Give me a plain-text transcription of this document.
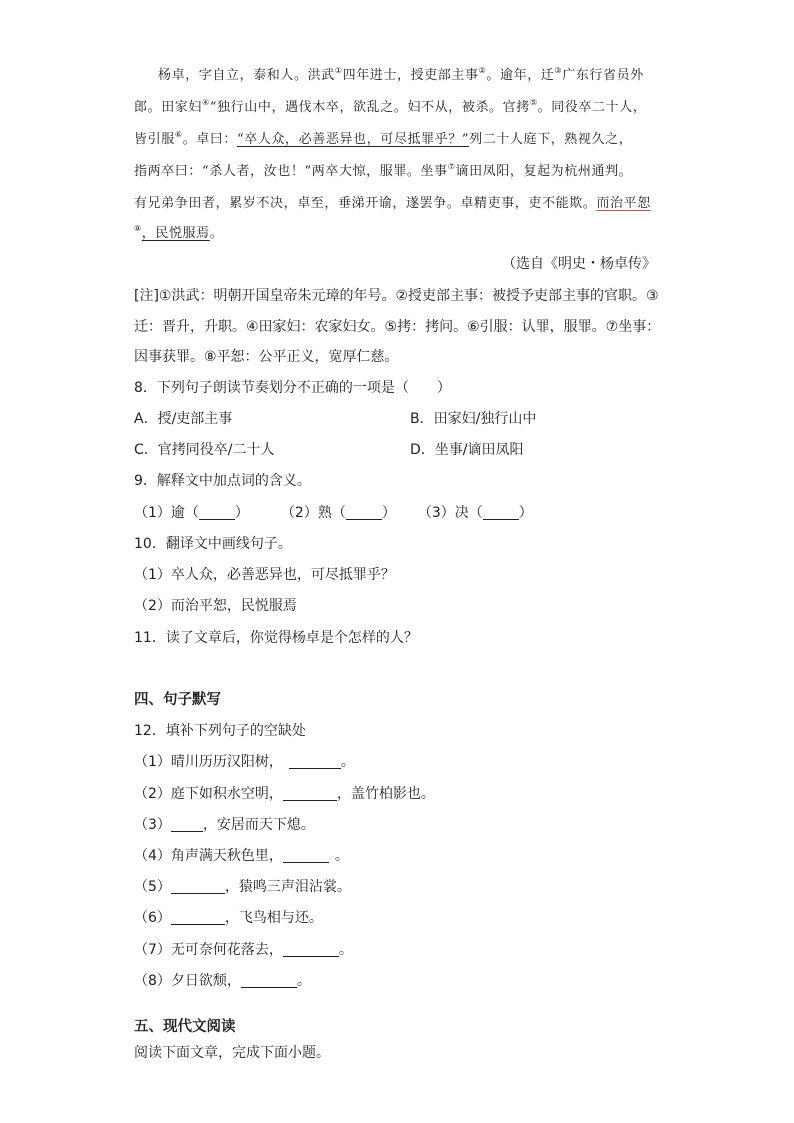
杨卓，字自立，泰和人。洪武①四年进士，授吏部主事②。逾年，迁③广东行省员外
郎。田家妇④“独行山中，遇伐木卒，欲乱之。妇不从，被杀。官拷⑤。同役卒二十人，
皆引服⑥。卓曰：“卒人众，必善恶异也，可尽抵罪乎？”列二十人庭下，熟视久之，
指两卒曰：“杀人者，汝也！”两卒大惊，服罪。坐事⑦谪田凤阳，复起为杭州通判。
有兄弟争田者，累岁不决，卓至，垂涕开谕，遂罢争。卓精吏事，吏不能欺。而治平恕
⑧，民悦服焉。
（选自《明史・杨卓传》
[注]①洪武：明朝开国皇帝朱元璋的年号。②授吏部主事：被授予吏部主事的官职。③
迁：晋升，升职。④田家妇：农家妇女。⑤拷：拷问。⑥引服：认罪，服罪。⑦坐事：
因事获罪。⑧平恕：公平正义，宽厚仁慈。
8．下列句子朗读节奏划分不正确的一项是（　　）
A．授/吏部主事	B．田家妇/独行山中
C．官拷同役卒/二十人	D．坐事/谪田凤阳
9．解释文中加点词的含义。
（1）逾（	） （2）熟（	） （3）决（	）
10．翻译文中画线句子。
（1）卒人众，必善恶异也，可尽抵罪乎？
（2）而治平恕，民悦服焉
11．读了文章后，你觉得杨卓是个怎样的人？
四、句子默写
12．填补下列句子的空缺处
（1）晴川历历汉阳树，	。
（2）庭下如积水空明，	，盖竹柏影也。
（3） ，安居而天下熄。
（4）角声满天秋色里，	。
（5）	，猿鸣三声泪沾裳。
（6）	，飞鸟相与还。
（7）无可奈何花落去，	。
（8）夕日欲颓，	。
五、现代文阅读
阅读下面文章，完成下面小题。
